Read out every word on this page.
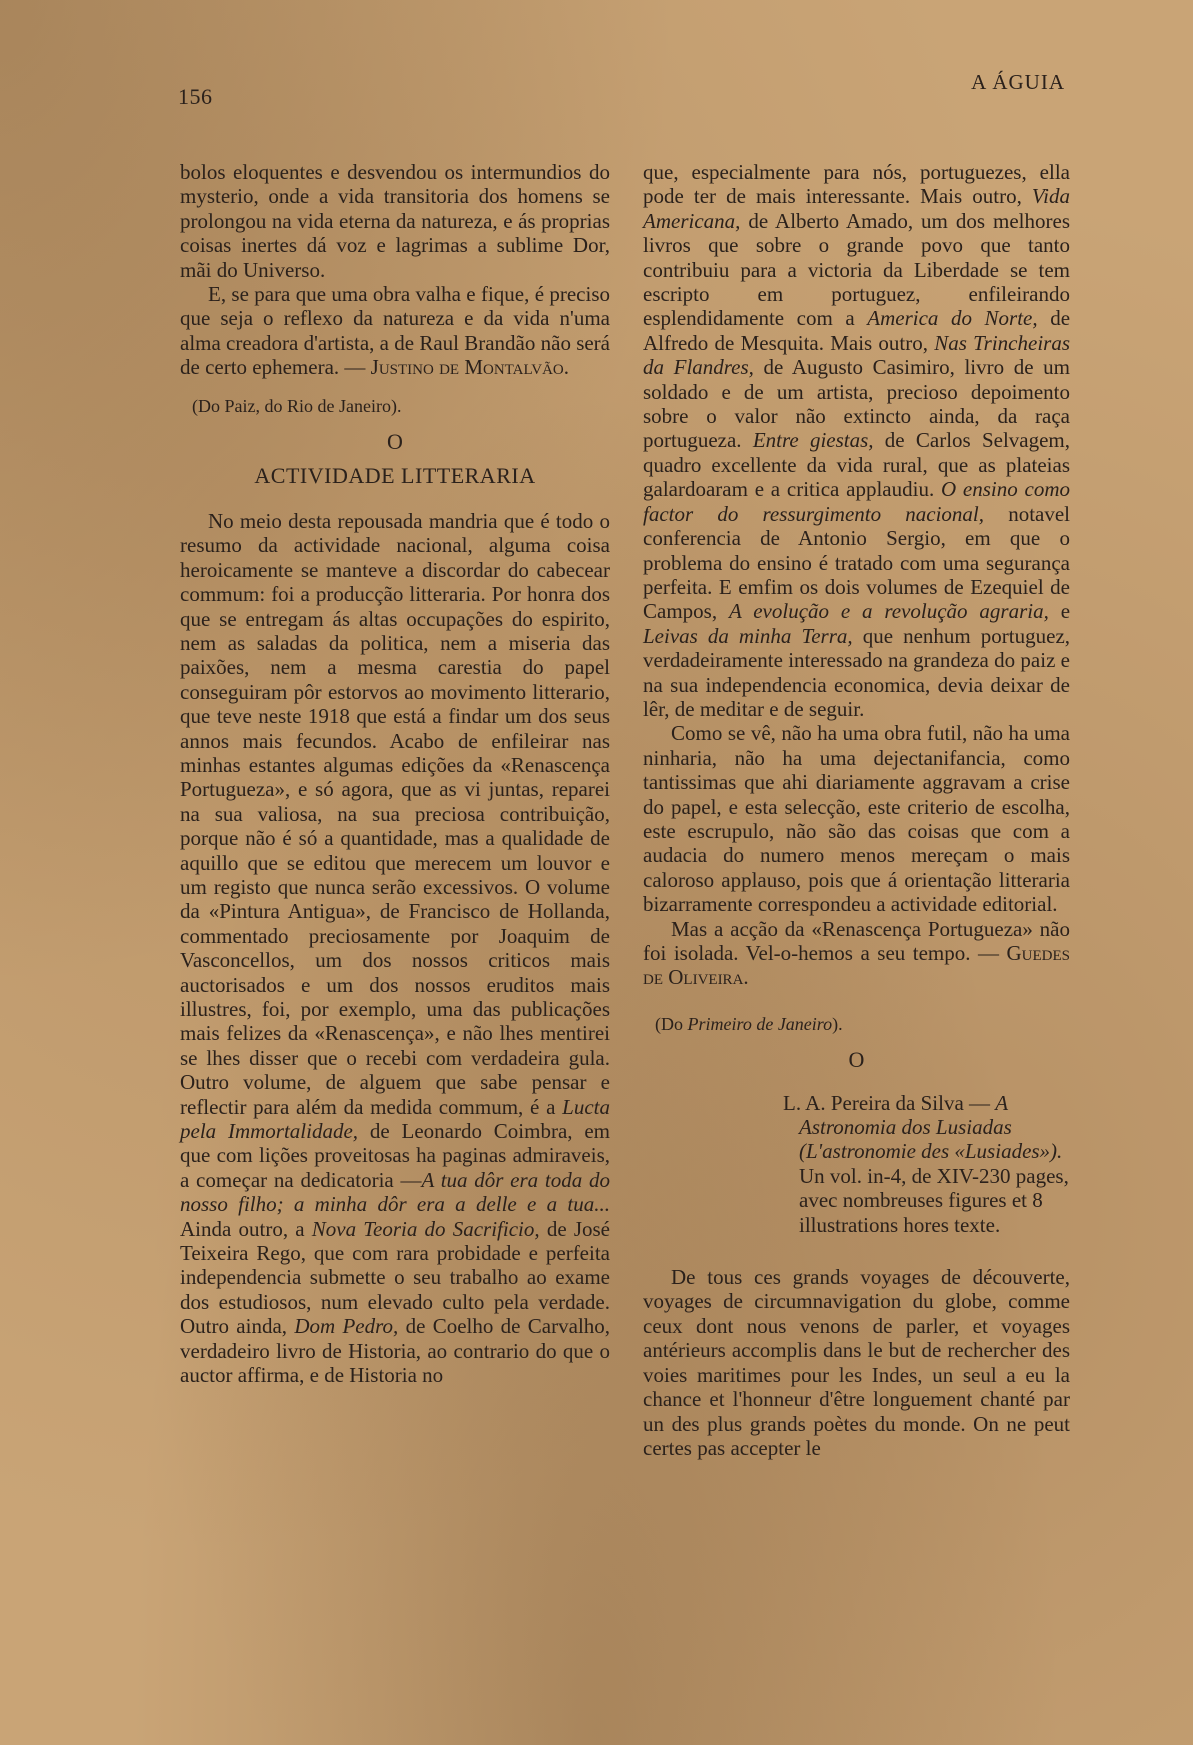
156
A ÁGUIA

bolos eloquentes e desvendou os intermundios do mysterio, onde a vida transitoria dos homens se prolongou na vida eterna da natureza, e ás proprias coisas inertes dá voz e lagrimas a sublime Dor, mãi do Universo.

E, se para que uma obra valha e fique, é preciso que seja o reflexo da natureza e da vida n'uma alma creadora d'artista, a de Raul Brandão não será de certo ephemera. — Justino de Montalvão.

(Do Paiz, do Rio de Janeiro).

O
ACTIVIDADE LITTERARIA

No meio desta repousada mandria que é todo o resumo da actividade nacional, alguma coisa heroicamente se manteve a discordar do cabecear commum: foi a producção litteraria. Por honra dos que se entregam ás altas occupações do espirito, nem as saladas da politica, nem a miseria das paixões, nem a mesma carestia do papel conseguiram pôr estorvos ao movimento litterario, que teve neste 1918 que está a findar um dos seus annos mais fecundos. Acabo de enfileirar nas minhas estantes algumas edições da «Renascença Portugueza», e só agora, que as vi juntas, reparei na sua valiosa, na sua preciosa contribuição, porque não é só a quantidade, mas a qualidade de aquillo que se editou que merecem um louvor e um registo que nunca serão excessivos. O volume da «Pintura Antigua», de Francisco de Hollanda, commentado preciosamente por Joaquim de Vasconcellos, um dos nossos criticos mais auctorisados e um dos nossos eruditos mais illustres, foi, por exemplo, uma das publicações mais felizes da «Renascença», e não lhes mentirei se lhes disser que o recebi com verdadeira gula. Outro volume, de alguem que sabe pensar e reflectir para além da medida commum, é a Lucta pela Immortalidade, de Leonardo Coimbra, em que com lições proveitosas ha paginas admiraveis, a começar na dedicatoria —A tua dôr era toda do nosso filho; a minha dôr era a delle e a tua... Ainda outro, a Nova Teoria do Sacrificio, de José Teixeira Rego, que com rara probidade e perfeita independencia submette o seu trabalho ao exame dos estudiosos, num elevado culto pela verdade. Outro ainda, Dom Pedro, de Coelho de Carvalho, verdadeiro livro de Historia, ao contrario do que o auctor affirma, e de Historia no

que, especialmente para nós, portuguezes, ella pode ter de mais interessante. Mais outro, Vida Americana, de Alberto Amado, um dos melhores livros que sobre o grande povo que tanto contribuiu para a victoria da Liberdade se tem escripto em portuguez, enfileirando esplendidamente com a America do Norte, de Alfredo de Mesquita. Mais outro, Nas Trincheiras da Flandres, de Augusto Casimiro, livro de um soldado e de um artista, precioso depoimento sobre o valor não extincto ainda, da raça portugueza. Entre giestas, de Carlos Selvagem, quadro excellente da vida rural, que as plateias galardoaram e a critica applaudiu. O ensino como factor do ressurgimento nacional, notavel conferencia de Antonio Sergio, em que o problema do ensino é tratado com uma segurança perfeita. E emfim os dois volumes de Ezequiel de Campos, A evolução e a revolução agraria, e Leivas da minha Terra, que nenhum portuguez, verdadeiramente interessado na grandeza do paiz e na sua independencia economica, devia deixar de lêr, de meditar e de seguir.

Como se vê, não ha uma obra futil, não ha uma ninharia, não ha uma dejectanifancia, como tantissimas que ahi diariamente aggravam a crise do papel, e esta selecção, este criterio de escolha, este escrupulo, não são das coisas que com a audacia do numero menos mereçam o mais caloroso applauso, pois que á orientação litteraria bizarramente correspondeu a actividade editorial.

Mas a acção da «Renascença Portugueza» não foi isolada. Vel-o-hemos a seu tempo. — Guedes de Oliveira.

(Do Primeiro de Janeiro).

O

L. A. Pereira da Silva — A Astronomia dos Lusiadas (L'astronomie des «Lusiades»). Un vol. in-4, de XIV-230 pages, avec nombreuses figures et 8 illustrations hores texte.

De tous ces grands voyages de découverte, voyages de circumnavigation du globe, comme ceux dont nous venons de parler, et voyages antérieurs accomplis dans le but de rechercher des voies maritimes pour les Indes, un seul a eu la chance et l'honneur d'être longuement chanté par un des plus grands poètes du monde. On ne peut certes pas accepter le
